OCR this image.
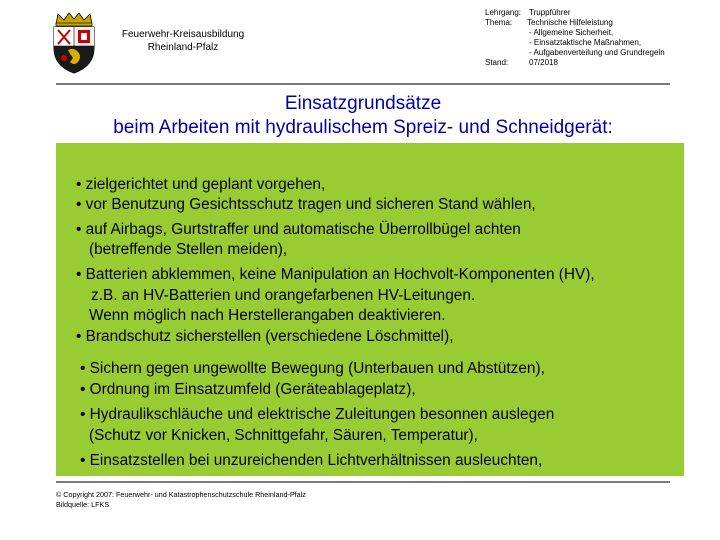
Feuerwehr-Kreisausbildung
Rheinland-Pfalz
Lehrgang: Truppführer
Thema: Technische Hilfeleistung
- Allgemeine Sicherheit,
- Einsatztaktische Maßnahmen,
- Aufgabenverteilung und Grundregeln
Stand:	07/2018
Einsatzgrundsätze
beim Arbeiten mit hydraulischem Spreiz- und Schneidgerät:
• zielgerichtet und geplant vorgehen,
• vor Benutzung Gesichtsschutz tragen und sicheren Stand wählen,
• auf Airbags, Gurtstraffer und automatische Überrollbügel achten
(betreffende Stellen meiden),
• Batterien abklemmen, keine Manipulation an Hochvolt-Komponenten (HV),
z.B. an HV-Batterien und orangefarbenen HV-Leitungen.
Wenn möglich nach Herstellerangaben deaktivieren.
• Brandschutz sicherstellen (verschiedene Löschmittel),
• Sichern gegen ungewollte Bewegung (Unterbauen und Abstützen),
• Ordnung im Einsatzumfeld (Geräteablageplatz),
• Hydraulikschläuche und elektrische Zuleitungen besonnen auslegen
(Schutz vor Knicken, Schnittgefahr, Säuren, Temperatur),
• Einsatzstellen bei unzureichenden Lichtverhältnissen ausleuchten,
© Copyright 2007: Feuerwehr- und Katastrophenschutzschule Rheinland-Pfalz
Bildquelle: LFKS
